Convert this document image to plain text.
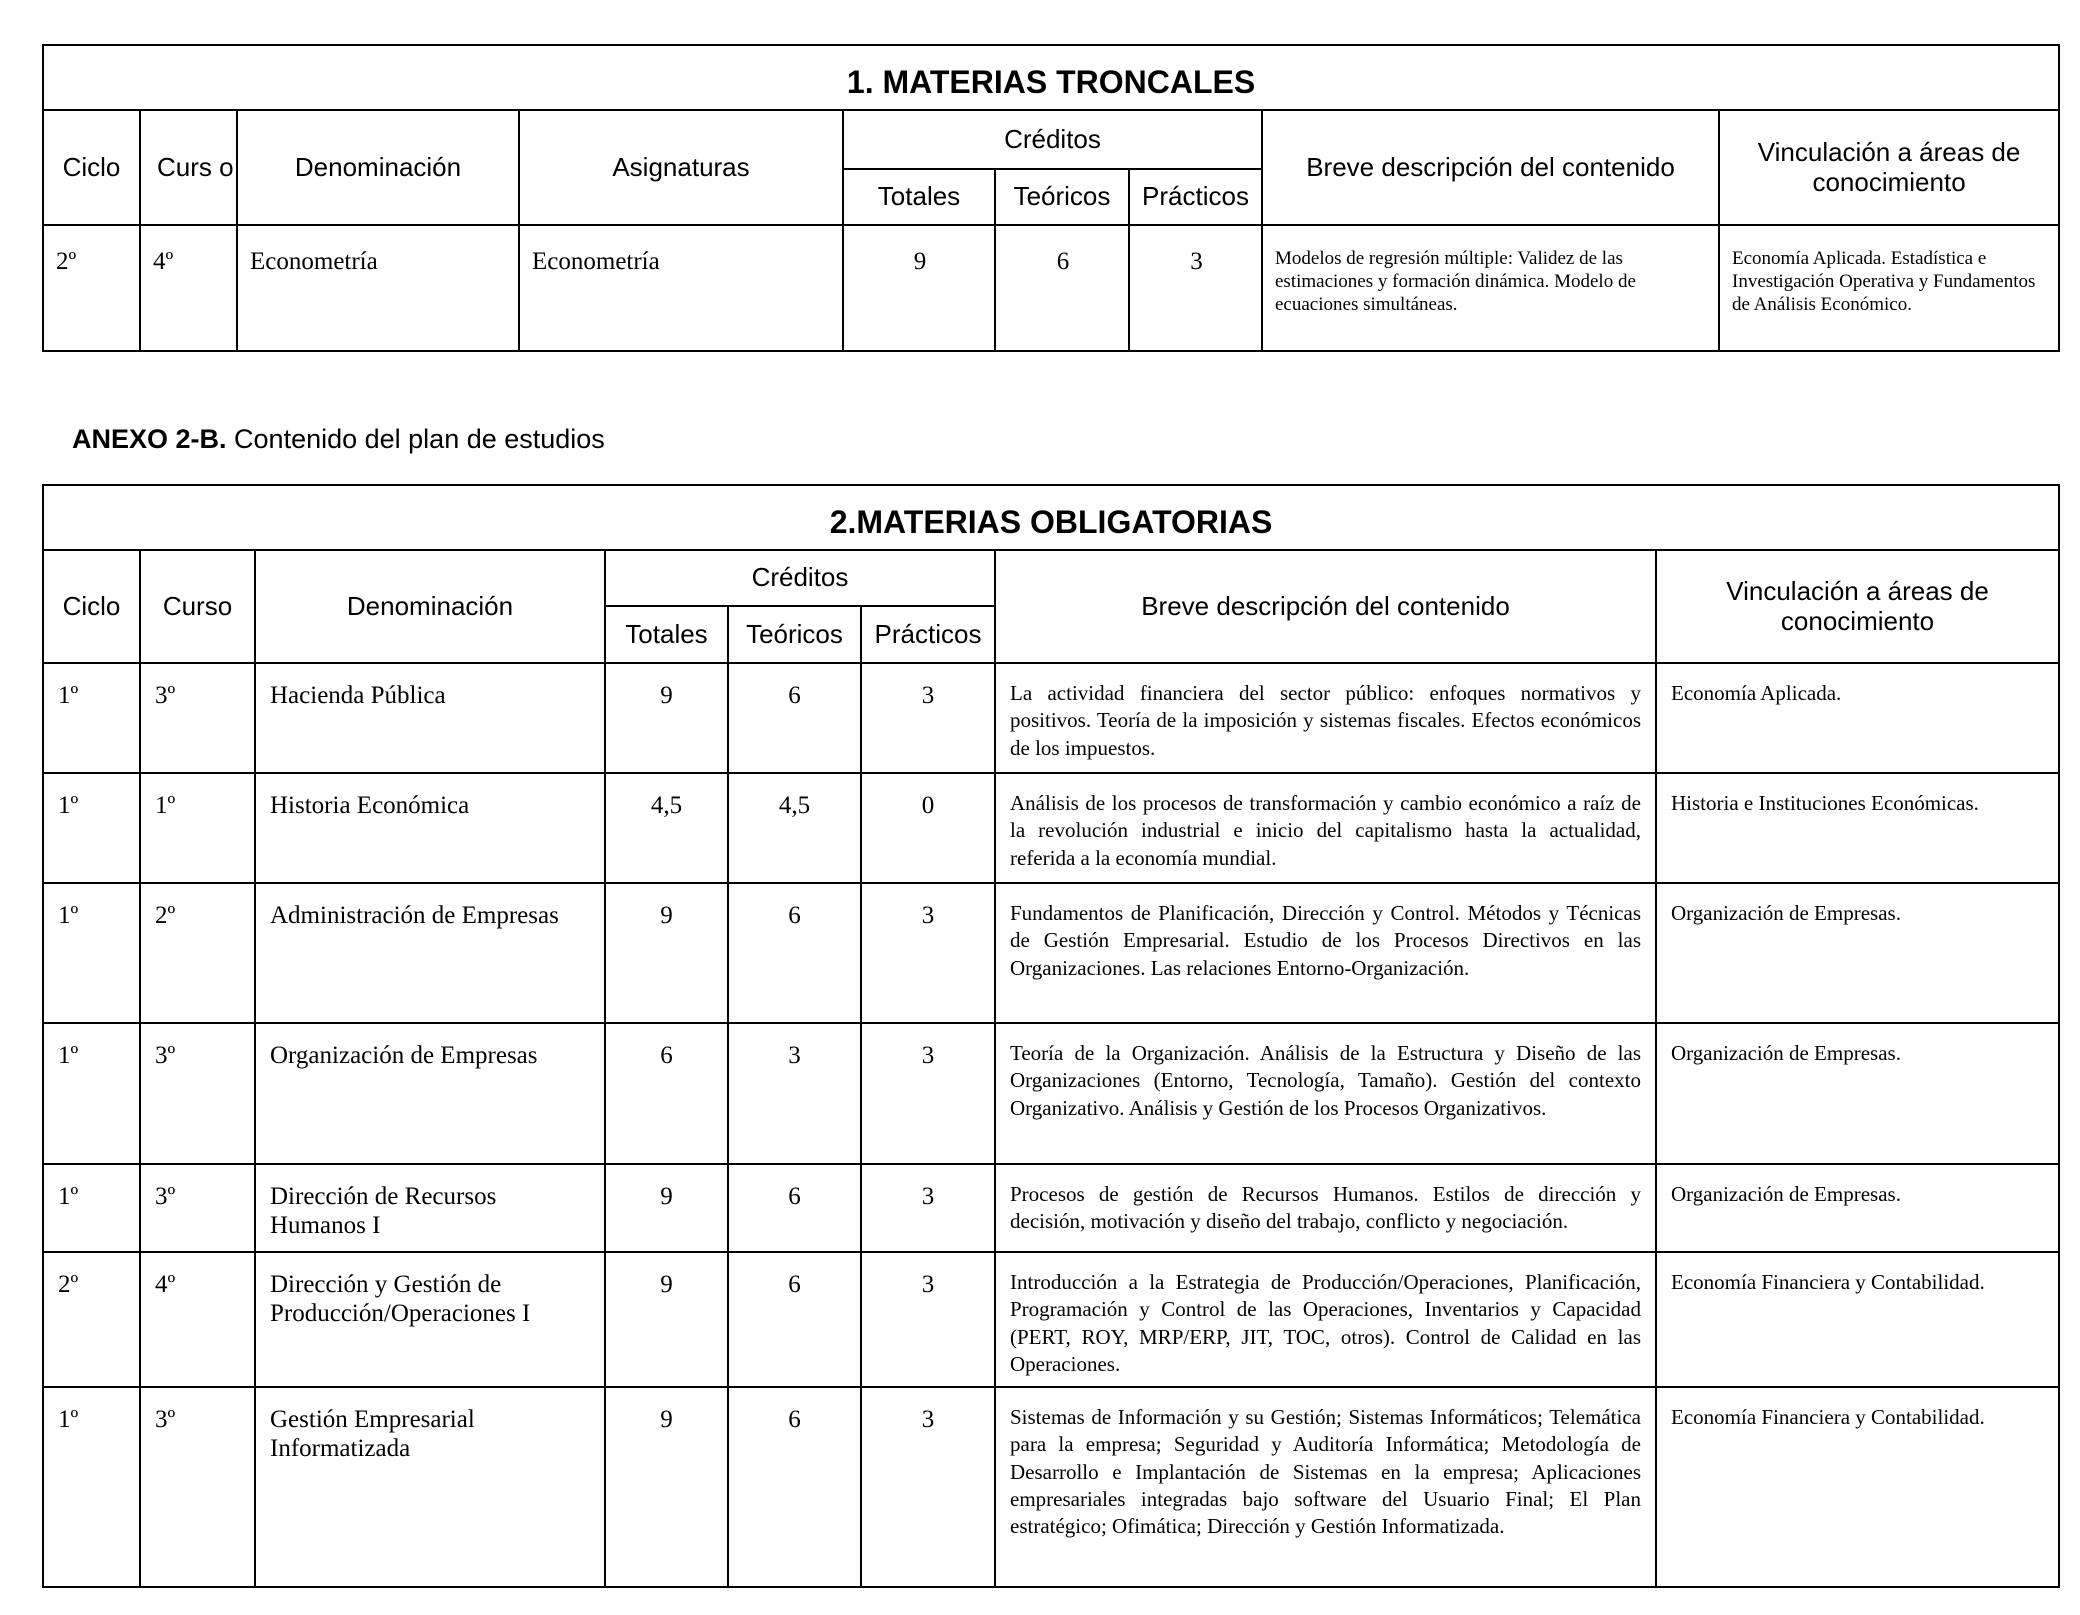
1. MATERIAS TRONCALES								
Ciclo	Curs o	Denominación	Asignaturas	Créditos			Breve descripción del contenido	Vinculación a áreas de conocimiento
				Totales	Teóricos	Prácticos		
2º	4º	Econometría	Econometría	9	6	3	Modelos de regresión múltiple: Validez de las estimaciones y formación dinámica. Modelo de ecuaciones simultáneas.	Economía Aplicada. Estadística e Investigación Operativa y Fundamentos de Análisis Económico.
ANEXO 2-B. Contenido del plan de estudios
2.MATERIAS OBLIGATORIAS							
Ciclo	Curso	Denominación	Créditos			Breve descripción del contenido	Vinculación a áreas de conocimiento
			Totales	Teóricos	Prácticos		
1º	3º	Hacienda Pública	9	6	3	La actividad financiera del sector público: enfoques normativos y positivos. Teoría de la imposición y sistemas fiscales. Efectos económicos de los impuestos.	Economía Aplicada.
1º	1º	Historia Económica	4,5	4,5	0	Análisis de los procesos de transformación y cambio económico a raíz de la revolución industrial e inicio del capitalismo hasta la actualidad, referida a la economía mundial.	Historia e Instituciones Económicas.
1º	2º	Administración de Empresas	9	6	3	Fundamentos de Planificación, Dirección y Control. Métodos y Técnicas de Gestión Empresarial. Estudio de los Procesos Directivos en las Organizaciones. Las relaciones Entorno-Organización.	Organización de Empresas.
1º	3º	Organización de Empresas	6	3	3	Teoría de la Organización. Análisis de la Estructura y Diseño de las Organizaciones (Entorno, Tecnología, Tamaño). Gestión del contexto Organizativo. Análisis y Gestión de los Procesos Organizativos.	Organización de Empresas.
1º	3º	Dirección de Recursos Humanos I	9	6	3	Procesos de gestión de Recursos Humanos. Estilos de dirección y decisión, motivación y diseño del trabajo, conflicto y negociación.	Organización de Empresas.
2º	4º	Dirección y Gestión de Producción/Operaciones I	9	6	3	Introducción a la Estrategia de Producción/Operaciones, Planificación, Programación y Control de las Operaciones, Inventarios y Capacidad (PERT, ROY, MRP/ERP, JIT, TOC, otros). Control de Calidad en las Operaciones.	Economía Financiera y Contabilidad.
1º	3º	Gestión Empresarial Informatizada	9	6	3	Sistemas de Información y su Gestión; Sistemas Informáticos; Telemática para la empresa; Seguridad y Auditoría Informática; Metodología de Desarrollo e Implantación de Sistemas en la empresa; Aplicaciones empresariales integradas bajo software del Usuario Final; El Plan estratégico; Ofimática; Dirección y Gestión Informatizada.	Economía Financiera y Contabilidad.
